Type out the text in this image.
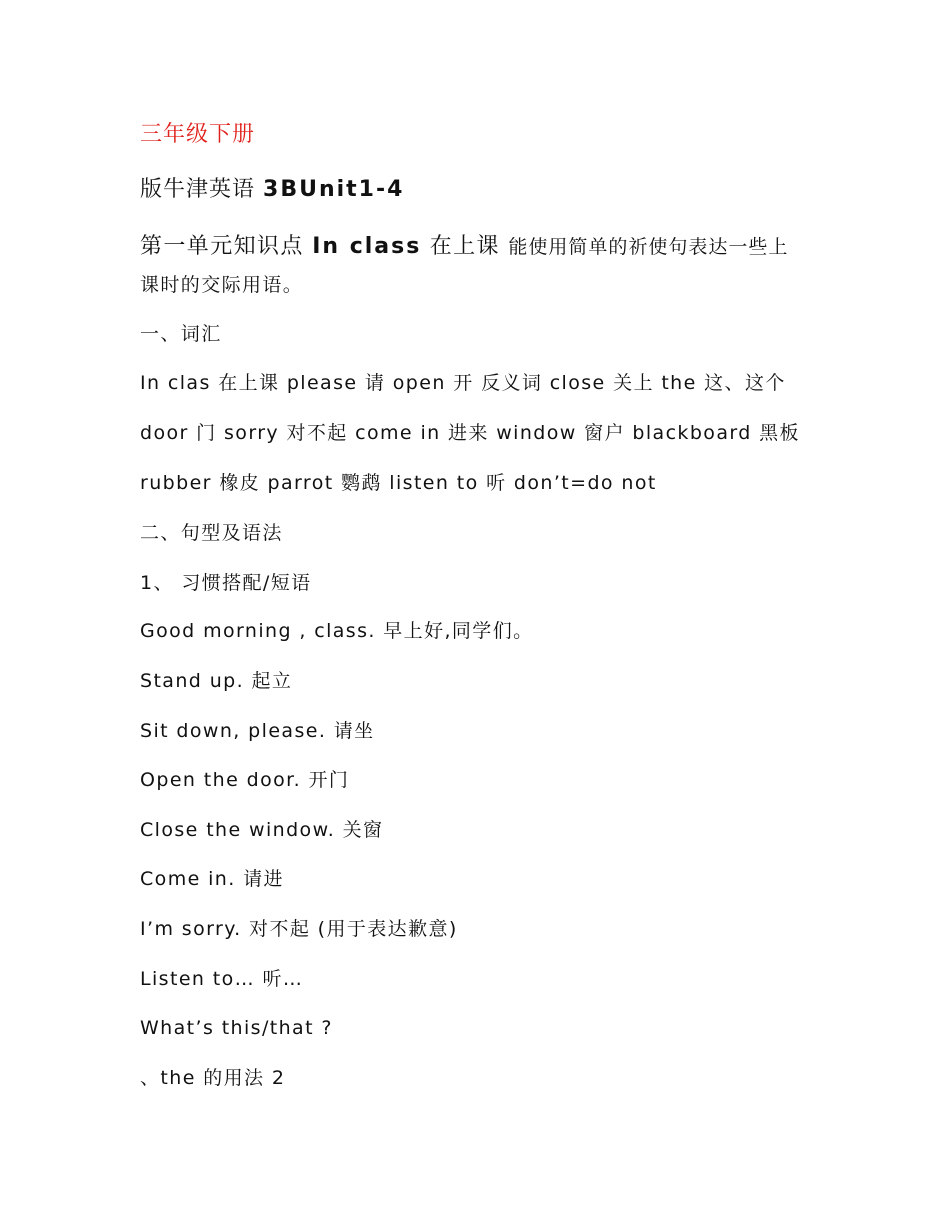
三年级下册
版牛津英语 3BUnit1-4
第一单元知识点 In class 在上课 能使用简单的祈使句表达一些上
课时的交际用语。
一、词汇
In clas 在上课 please 请 open 开 反义词 close 关上 the 这、这个
door 门 sorry 对不起 come in 进来 window 窗户 blackboard 黑板
rubber 橡皮 parrot 鹦鹉 listen to 听 don’t=do not
二、句型及语法
1、 习惯搭配/短语
Good morning , class. 早上好,同学们。
Stand up. 起立
Sit down, please. 请坐
Open the door. 开门
Close the window. 关窗
Come in. 请进
I’m sorry. 对不起 (用于表达歉意)
Listen to… 听…
What’s this/that ?
、the 的用法 2
